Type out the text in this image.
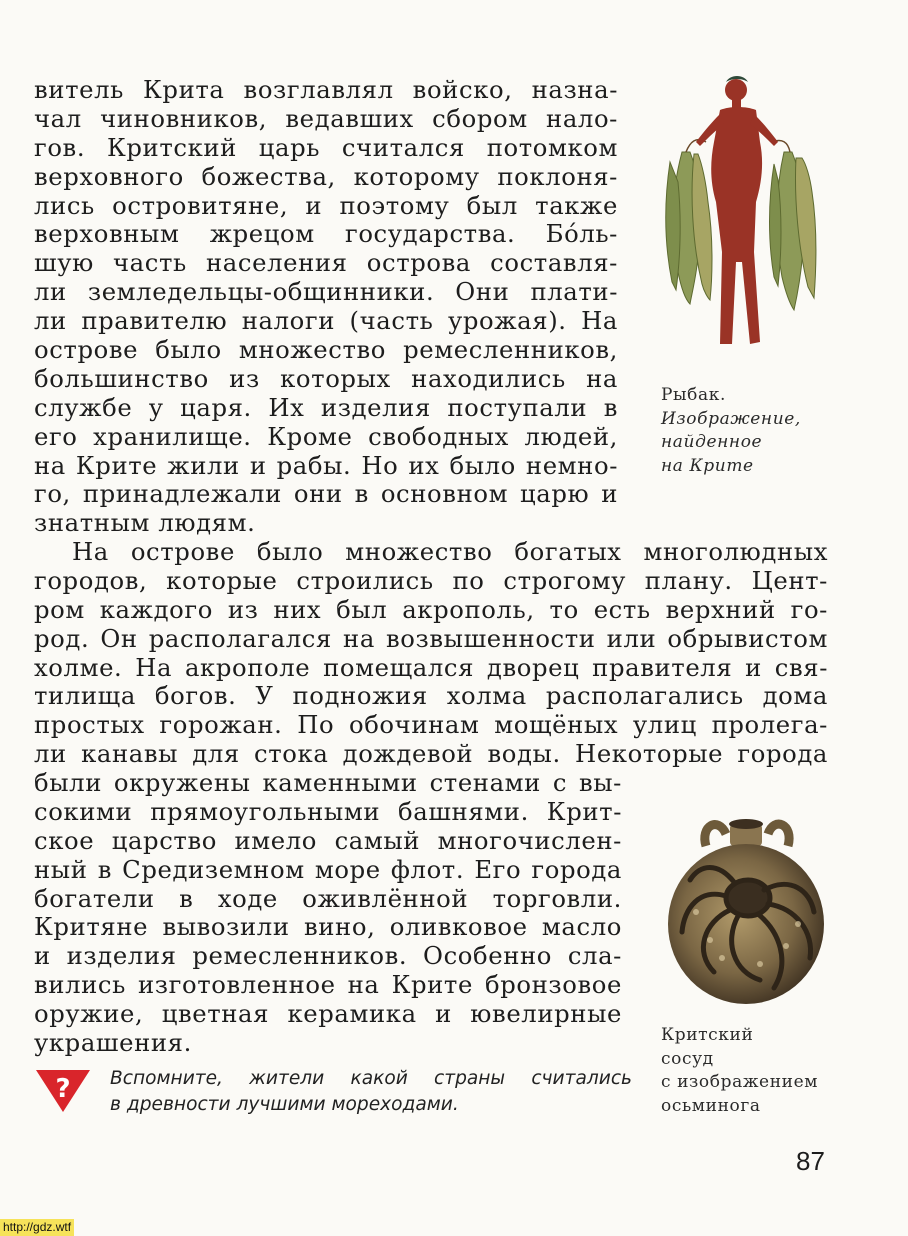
витель Крита возглавлял войско, назна-
чал чиновников, ведавших сбором нало-
гов. Критский царь считался потомком
верховного божества, которому поклоня-
лись островитяне, и поэтому был также
верховным жрецом государства. Бо́ль-
шую часть населения острова составля-
ли земледельцы-общинники. Они плати-
ли правителю налоги (часть урожая). На
острове было множество ремесленников,
большинство из которых находились на
службе у царя. Их изделия поступали в
его хранилище. Кроме свободных людей,
на Крите жили и рабы. Но их было немно-
го, принадлежали они в основном царю и
знатным людям.
На острове было множество богатых многолюдных
городов, которые строились по строгому плану. Цент-
ром каждого из них был акрополь, то есть верхний го-
род. Он располагался на возвышенности или обрывистом
холме. На акрополе помещался дворец правителя и свя-
тилища богов. У подножия холма располагались дома
простых горожан. По обочинам мощёных улиц пролега-
ли канавы для стока дождевой воды. Некоторые города
были окружены каменными стенами с вы-
сокими прямоугольными башнями. Крит-
ское царство имело самый многочислен-
ный в Средиземном море флот. Его города
богатели в ходе оживлённой торговли.
Критяне вывозили вино, оливковое масло
и изделия ремесленников. Особенно сла-
вились изготовленное на Крите бронзовое
оружие, цветная керамика и ювелирные
украшения.
Рыбак.
Изображение,
найденное
на Крите
Критский
сосуд
с изображением
осьминога
? Вспомните, жители какой страны считались
в древности лучшими мореходами.
87
http://gdz.wtf
